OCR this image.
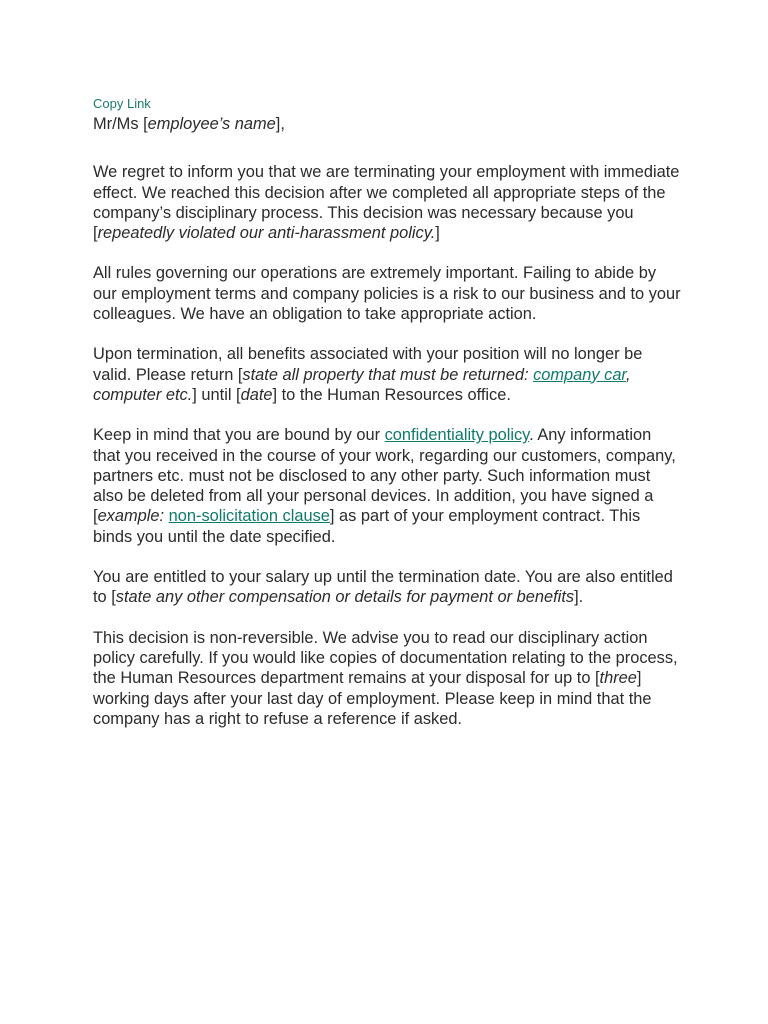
Copy Link

Mr/Ms [employee’s name],

We regret to inform you that we are terminating your employment with immediate effect. We reached this decision after we completed all appropriate steps of the company’s disciplinary process. This decision was necessary because you [repeatedly violated our anti-harassment policy.]

All rules governing our operations are extremely important. Failing to abide by our employment terms and company policies is a risk to our business and to your colleagues. We have an obligation to take appropriate action.

Upon termination, all benefits associated with your position will no longer be valid. Please return [state all property that must be returned: company car, computer etc.] until [date] to the Human Resources office.

Keep in mind that you are bound by our confidentiality policy. Any information that you received in the course of your work, regarding our customers, company, partners etc. must not be disclosed to any other party. Such information must also be deleted from all your personal devices. In addition, you have signed a [example: non-solicitation clause] as part of your employment contract. This binds you until the date specified.

You are entitled to your salary up until the termination date. You are also entitled to [state any other compensation or details for payment or benefits].

This decision is non-reversible. We advise you to read our disciplinary action policy carefully. If you would like copies of documentation relating to the process, the Human Resources department remains at your disposal for up to [three] working days after your last day of employment. Please keep in mind that the company has a right to refuse a reference if asked.
